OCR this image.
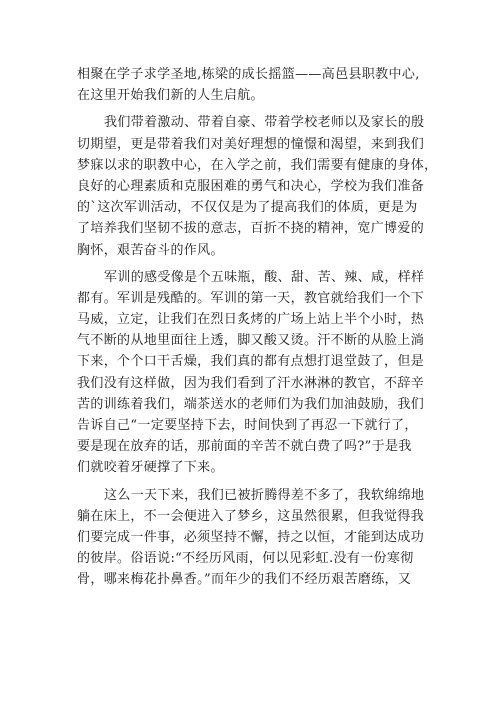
相聚在学子求学圣地,栋梁的成长摇篮——高邑县职教中心,
在这里开始我们新的人生启航。
我们带着激动、带着自豪、带着学校老师以及家长的殷
切期望，更是带着我们对美好理想的憧憬和渴望，来到我们
梦寐以求的职教中心，在入学之前，我们需要有健康的身体，
良好的心理素质和克服困难的勇气和决心，学校为我们准备
的`这次军训活动，不仅仅是为了提高我们的体质，更是为
了培养我们坚韧不拔的意志，百折不挠的精神，宽广博爱的
胸怀，艰苦奋斗的作风。
军训的感受像是个五味瓶，酸、甜、苦、辣、咸，样样
都有。军训是残酷的。军训的第一天，教官就给我们一个下
马威，立定，让我们在烈日炙烤的广场上站上半个小时，热
气不断的从地里面往上透，脚又酸又烫。汗不断的从脸上淌
下来，个个口干舌燥，我们真的都有点想打退堂鼓了，但是
我们没有这样做，因为我们看到了汗水淋淋的教官，不辞辛
苦的训练着我们，端茶送水的老师们为我们加油鼓励，我们
告诉自己“一定要坚持下去，时间快到了再忍一下就行了，
要是现在放弃的话，那前面的辛苦不就白费了吗?”于是我
们就咬着牙硬撑了下来。
这么一天下来，我们已被折腾得差不多了，我软绵绵地
躺在床上，不一会便进入了梦乡，这虽然很累，但我觉得我
们要完成一件事，必须坚持不懈，持之以恒，才能到达成功
的彼岸。俗语说:“不经历风雨，何以见彩虹.没有一份寒彻
骨，哪来梅花扑鼻香。”而年少的我们不经历艰苦磨练，又
